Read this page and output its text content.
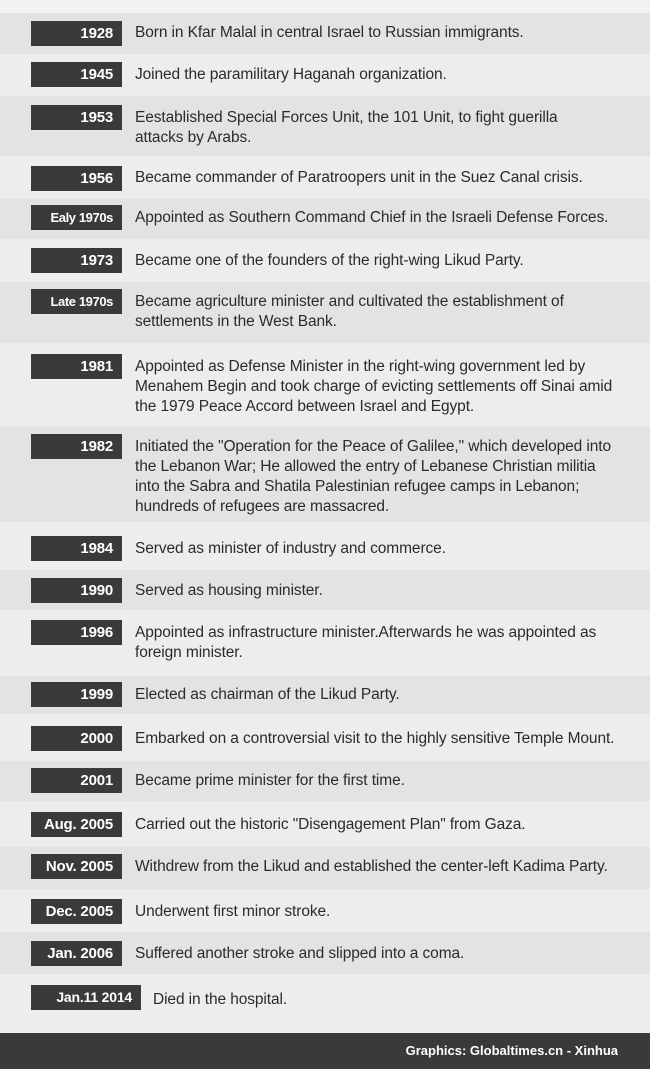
1928	Born in Kfar Malal in central Israel to Russian immigrants.
1945	Joined the paramilitary Haganah organization.
1953	Eestablished Special Forces Unit, the 101 Unit, to fight guerilla attacks by Arabs.
1956	Became commander of Paratroopers unit in the Suez Canal crisis.
Ealy 1970s	Appointed as Southern Command Chief in the Israeli Defense Forces.
1973	Became one of the founders of the right-wing Likud Party.
Late 1970s	Became agriculture minister and cultivated the establishment of settlements in the West Bank.
1981	Appointed as Defense Minister in the right-wing government led by Menahem Begin and took charge of evicting settlements off Sinai amid the 1979 Peace Accord between Israel and Egypt.
1982	Initiated the "Operation for the Peace of Galilee," which developed into the Lebanon War; He allowed the entry of Lebanese Christian militia into the Sabra and Shatila Palestinian refugee camps in Lebanon; hundreds of refugees are massacred.
1984	Served as minister of industry and commerce.
1990	Served as housing minister.
1996	Appointed as infrastructure minister.Afterwards he was appointed as foreign minister.
1999	Elected as chairman of the Likud Party.
2000	Embarked on a controversial visit to the highly sensitive Temple Mount.
2001	Became prime minister for the first time.
Aug. 2005	Carried out the historic "Disengagement Plan" from Gaza.
Nov. 2005	Withdrew from the Likud and established the center-left Kadima Party.
Dec. 2005	Underwent first minor stroke.
Jan. 2006	Suffered another stroke and slipped into a coma.
Jan.11 2014	Died in the hospital.
Graphics: Globaltimes.cn - Xinhua
